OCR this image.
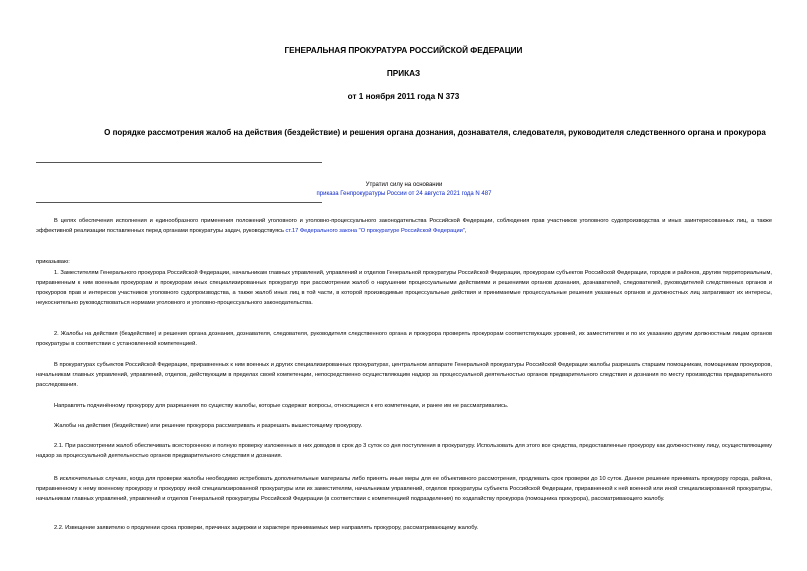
ГЕНЕРАЛЬНАЯ ПРОКУРАТУРА РОССИЙСКОЙ ФЕДЕРАЦИИ
ПРИКАЗ
от 1 ноября 2011 года N 373
О порядке рассмотрения жалоб на действия (бездействие) и решения органа дознания, дознавателя, следователя, руководителя следственного органа и прокурора
Утратил силу на основании
приказа Генпрокуратуры России от 24 августа 2021 года N 487
В целях обеспечения исполнения и единообразного применения положений уголовного и уголовно-процессуального законодательства Российской Федерации, соблюдения прав участников уголовного судопроизводства и иных заинтересованных лиц, а также эффективной реализации поставленных перед органами прокуратуры задач, руководствуясь ст.17 Федерального закона "О прокуратуре Российской Федерации",
приказываю:
1. Заместителям Генерального прокурора Российской Федерации, начальникам главных управлений, управлений и отделов Генеральной прокуратуры Российской Федерации, прокурорам субъектов Российской Федерации, городов и районов, другим территориальным, приравненным к ним военным прокурорам и прокурорам иных специализированных прокуратур при рассмотрении жалоб о нарушении процессуальными действиями и решениями органов дознания, дознавателей, следователей, руководителей следственных органов и прокуроров прав и интересов участников уголовного судопроизводства, а также жалоб иных лиц в той части, в которой производимые процессуальные действия и принимаемые процессуальные решения указанных органов и должностных лиц затрагивают их интересы, неукоснительно руководствоваться нормами уголовного и уголовно-процессуального законодательства.
2. Жалобы на действия (бездействие) и решения органа дознания, дознавателя, следователя, руководителя следственного органа и прокурора проверять прокурорам соответствующих уровней, их заместителям и по их указанию другим должностным лицам органов прокуратуры в соответствии с установленной компетенцией.
В прокуратурах субъектов Российской Федерации, приравненных к ним военных и других специализированных прокуратурах, центральном аппарате Генеральной прокуратуры Российской Федерации жалобы разрешать старшим помощникам, помощникам прокуроров, начальникам главных управлений, управлений, отделов, действующим в пределах своей компетенции, непосредственно осуществляющим надзор за процессуальной деятельностью органов предварительного следствия и дознания по месту производства предварительного расследования.
Направлять подчинённому прокурору для разрешения по существу жалобы, которые содержат вопросы, относящиеся к его компетенции, и ранее им не рассматривались.
Жалобы на действия (бездействие) или решение прокурора рассматривать и разрешать вышестоящему прокурору.
2.1. При рассмотрении жалоб обеспечивать всестороннюю и полную проверку изложенных в них доводов в срок до 3 суток со дня поступления в прокуратуру. Использовать для этого все средства, предоставленные прокурору как должностному лицу, осуществляющему надзор за процессуальной деятельностью органов предварительного следствия и дознания.
В исключительных случаях, когда для проверки жалобы необходимо истребовать дополнительные материалы либо принять иные меры для ее объективного рассмотрения, продлевать срок проверки до 10 суток. Данное решение принимать прокурору города, района, приравненному к нему военному прокурору и прокурору иной специализированной прокуратуры или их заместителям, начальникам управлений, отделов прокуратуры субъекта Российской Федерации, приравненной к ней военной или иной специализированной прокуратуры, начальникам главных управлений, управлений и отделов Генеральной прокуратуры Российской Федерации (в соответствии с компетенцией подразделения) по ходатайству прокурора (помощника прокурора), рассматривающего жалобу.
2.2. Извещение заявителю о продлении срока проверки, причинах задержки и характере принимаемых мер направлять прокурору, рассматривающему жалобу.
